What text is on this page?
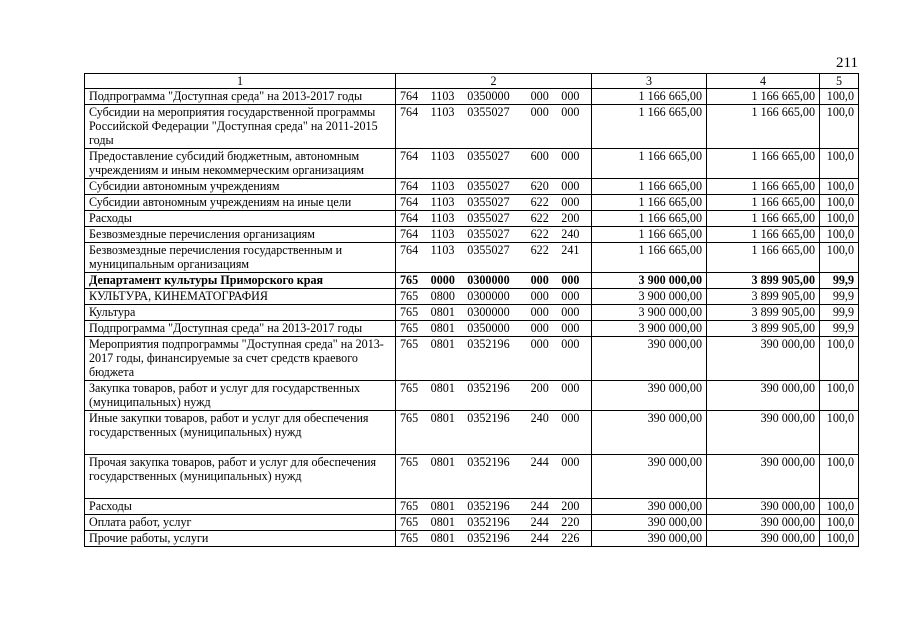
211
1	2	3	4	5
Подпрограмма "Доступная среда" на 2013-2017 годы	764 1103 0350000 000 000	1 166 665,00	1 166 665,00	100,0
Субсидии на мероприятия государственной программы Российской Федерации "Доступная среда" на 2011-2015 годы	764 1103 0355027 000 000	1 166 665,00	1 166 665,00	100,0
Предоставление субсидий бюджетным, автономным учреждениям и иным некоммерческим организациям	764 1103 0355027 600 000	1 166 665,00	1 166 665,00	100,0
Субсидии автономным учреждениям	764 1103 0355027 620 000	1 166 665,00	1 166 665,00	100,0
Субсидии автономным учреждениям на иные цели	764 1103 0355027 622 000	1 166 665,00	1 166 665,00	100,0
Расходы	764 1103 0355027 622 200	1 166 665,00	1 166 665,00	100,0
Безвозмездные перечисления организациям	764 1103 0355027 622 240	1 166 665,00	1 166 665,00	100,0
Безвозмездные перечисления государственным и муниципальным организациям	764 1103 0355027 622 241	1 166 665,00	1 166 665,00	100,0
Департамент культуры Приморского края	765 0000 0300000 000 000	3 900 000,00	3 899 905,00	99,9
КУЛЬТУРА, КИНЕМАТОГРАФИЯ	765 0800 0300000 000 000	3 900 000,00	3 899 905,00	99,9
Культура	765 0801 0300000 000 000	3 900 000,00	3 899 905,00	99,9
Подпрограмма "Доступная среда" на 2013-2017 годы	765 0801 0350000 000 000	3 900 000,00	3 899 905,00	99,9
Мероприятия подпрограммы "Доступная среда" на 2013-2017 годы, финансируемые за счет средств краевого бюджета	765 0801 0352196 000 000	390 000,00	390 000,00	100,0
Закупка товаров, работ и услуг для государственных (муниципальных) нужд	765 0801 0352196 200 000	390 000,00	390 000,00	100,0
Иные закупки товаров, работ и услуг для обеспечения государственных (муниципальных) нужд	765 0801 0352196 240 000	390 000,00	390 000,00	100,0
Прочая закупка товаров, работ и услуг для обеспечения государственных (муниципальных) нужд	765 0801 0352196 244 000	390 000,00	390 000,00	100,0
Расходы	765 0801 0352196 244 200	390 000,00	390 000,00	100,0
Оплата работ, услуг	765 0801 0352196 244 220	390 000,00	390 000,00	100,0
Прочие работы, услуги	765 0801 0352196 244 226	390 000,00	390 000,00	100,0
